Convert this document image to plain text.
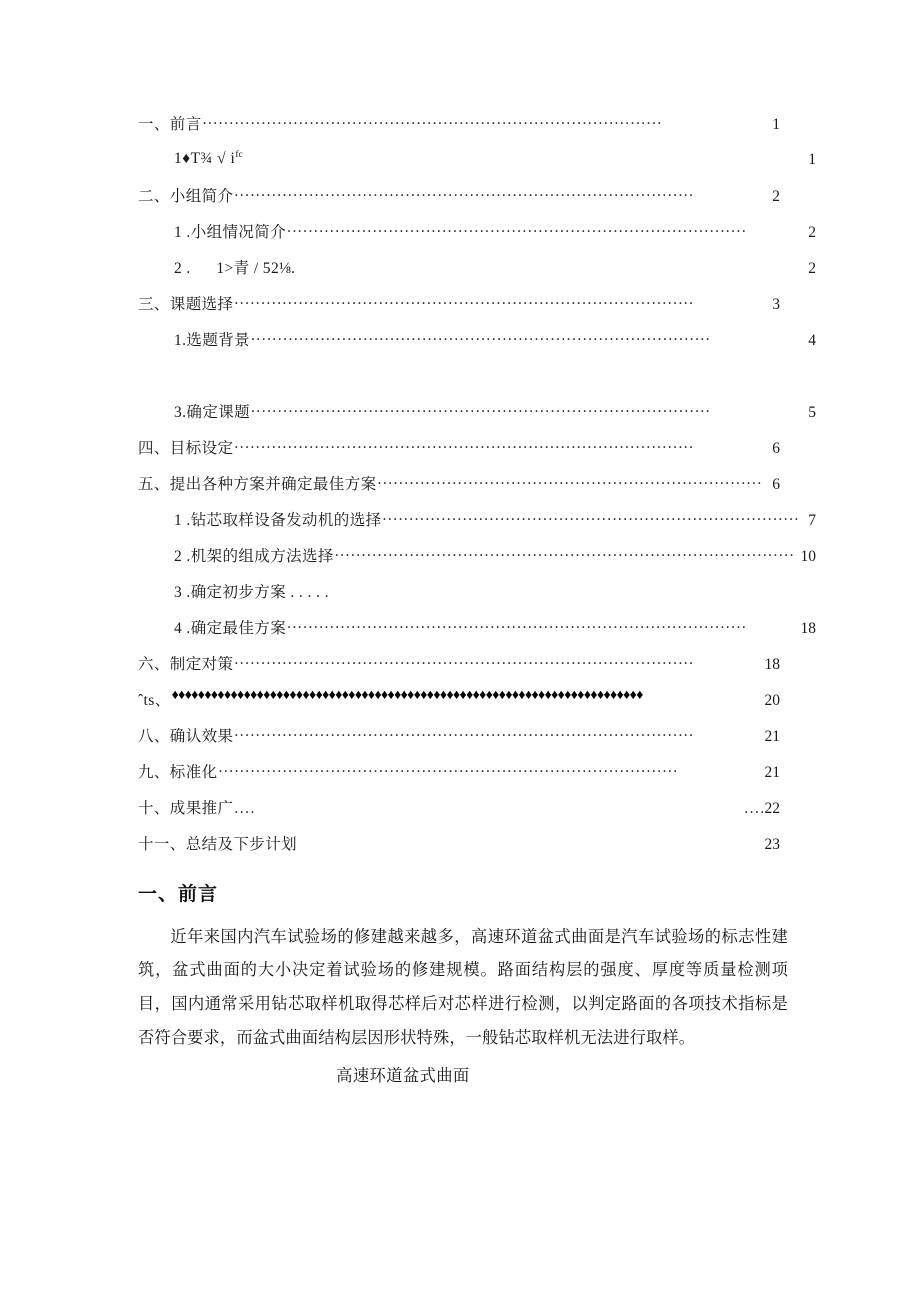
一、前言 . . .	1
1♦T¾ √ $i^{fc}$	1
二、小组简介 . . .	2
1 .小组情况简介 . . .	2
2 .      1>青 / 52⅛.	2
三、课题选择 . . .	3
1.选题背景 . . .	4
3.确定课题 . . .	5
四、目标设定 . . .	6
五、提出各种方案并确定最佳方案 . . .	6
1 .钻芯取样设备发动机的选择 . . .	7
2 .机架的组成方法选择 . . .	10
3 .确定初步方案 . . . . .
4 .确定最佳方案 . . .	18
六、制定对策 . . .	18
ˆts、 ♦♦♦♦♦♦♦♦♦♦♦♦♦♦♦♦♦♦♦♦♦♦♦♦♦♦♦♦♦♦♦♦♦♦♦♦♦♦♦♦♦♦♦♦♦♦♦♦♦♦♦♦♦♦♦♦♦♦♦♦♦♦♦♦♦♦♦♦♦♦♦♦	20
八、确认效果 . . .	21
九、标准化 . . .	21
十、成果推广 . . . .	. . . . 22
十一、总结及下步计划	23
一、前言

近年来国内汽车试验场的修建越来越多，高速环道盆式曲面是汽车试验场的标志性建筑，盆式曲面的大小决定着试验场的修建规模。路面结构层的强度、厚度等质量检测项目，国内通常采用钻芯取样机取得芯样后对芯样进行检测，以判定路面的各项技术指标是否符合要求，而盆式曲面结构层因形状特殊，一般钻芯取样机无法进行取样。

高速环道盆式曲面
